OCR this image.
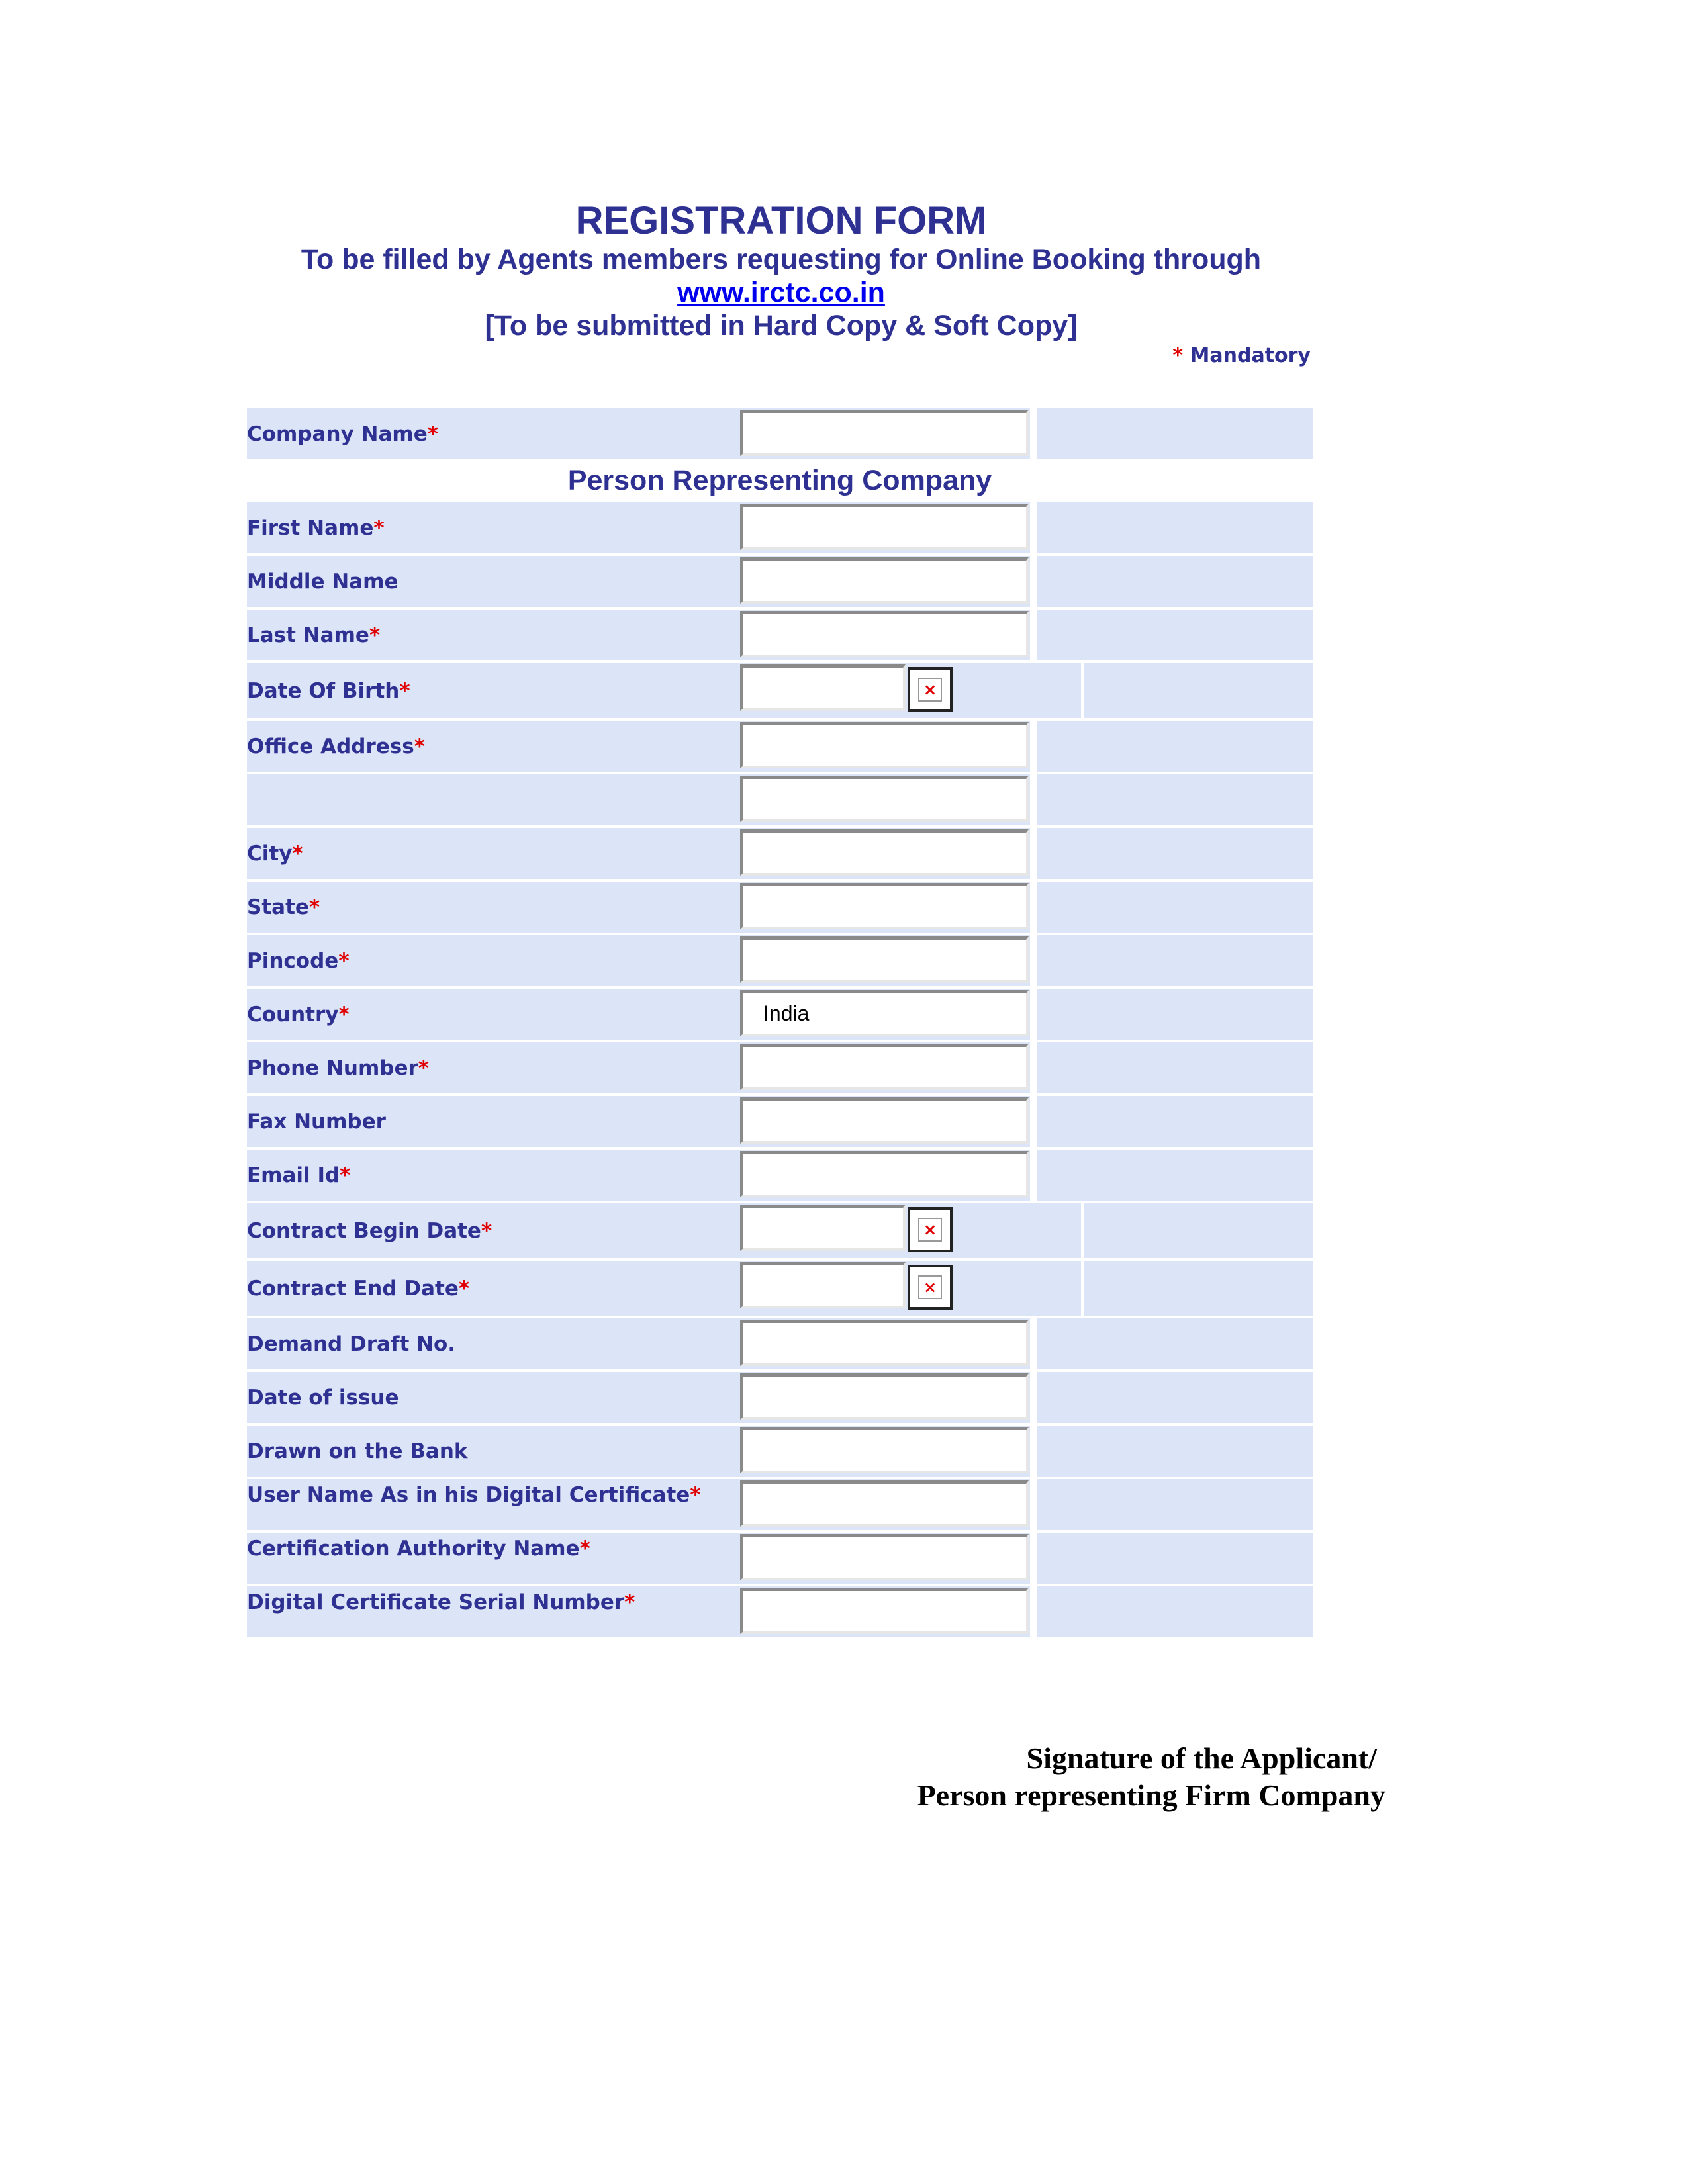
REGISTRATION FORM
To be filled by Agents members requesting for Online Booking through
www.irctc.co.in
[To be submitted in Hard Copy & Soft Copy]
* Mandatory
Company Name *
Person Representing Company
First Name *
Middle Name
Last Name *
Date Of Birth *	×
Office Address *
City *
State *
Pincode *
Country *	India
Phone Number *
Fax Number
Email Id *
Contract Begin Date *	×
Contract End Date *	×
Demand Draft No.
Date of issue
Drawn on the Bank
User Name As in his Digital Certificate *
Certification Authority Name *
Digital Certificate Serial Number *
Signature of the Applicant/
Person representing Firm Company
